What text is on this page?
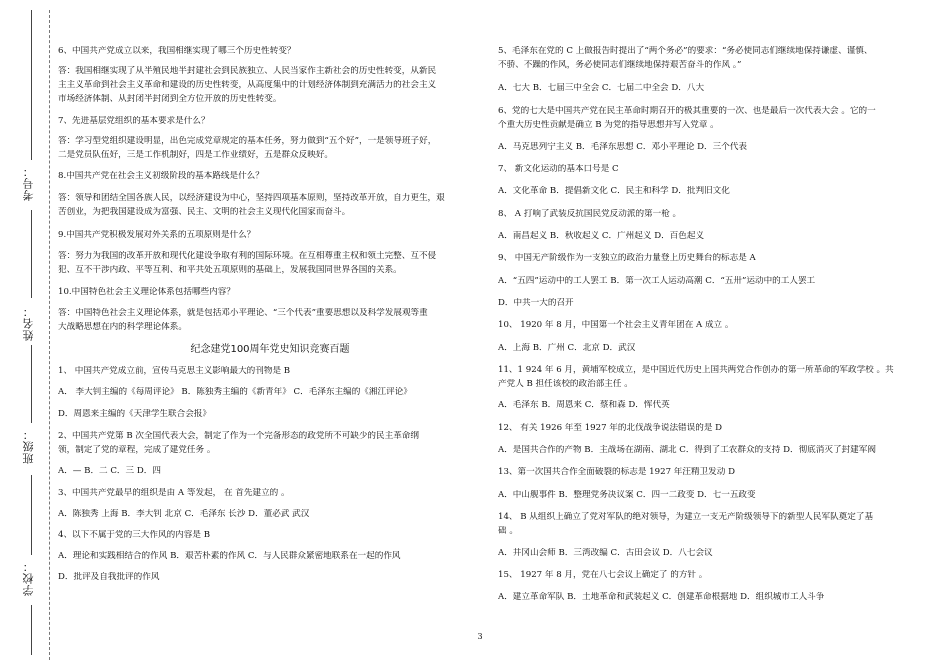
考号：
姓名：
班级：
学校：
6、中国共产党成立以来，我国相继实现了哪三个历史性转变？
答：我国相继实现了从半殖民地半封建社会到民族独立、人民当家作主新社会的历史性转变，从新民
主主义革命到社会主义革命和建设的历史性转变，从高度集中的计划经济体制到充满活力的社会主义
市场经济体制、从封闭半封闭到全方位开放的历史性转变。
7、先进基层党组织的基本要求是什么？
答：学习型党组织建设明显，出色完成党章规定的基本任务，努力做到“五个好”，一是领导班子好，
二是党员队伍好，三是工作机制好，四是工作业绩好，五是群众反映好。
8.中国共产党在社会主义初级阶段的基本路线是什么？
答：领导和团结全国各族人民，以经济建设为中心，坚持四项基本原则，坚持改革开放，自力更生，艰
苦创业，为把我国建设成为富强、民主、文明的社会主义现代化国家而奋斗。
9.中国共产党积极发展对外关系的五项原则是什么？
答：努力为我国的改革开放和现代化建设争取有利的国际环境。在互相尊重主权和领土完整、互不侵
犯、互不干涉内政、平等互利、和平共处五项原则的基础上，发展我国同世界各国的关系。
10.中国特色社会主义理论体系包括哪些内容？
答：中国特色社会主义理论体系，就是包括邓小平理论、“三个代表”重要思想以及科学发展观等重
大战略思想在内的科学理论体系。
纪念建党100周年党史知识竞赛百题
1、 中国共产党成立前，宣传马克思主义影响最大的刊物是 B
A． 李大钊主编的《每周评论》 B．陈独秀主编的《新青年》 C．毛泽东主编的《湘江评论》
D．周恩来主编的《天津学生联合会报》
2、中国共产党第 B 次全国代表大会，制定了作为一个完备形态的政党所不可缺少的民主革命纲
领，制定了党的章程，完成了建党任务 。
A．— B．二 C．三 D．四
3、中国共产党最早的组织是由 A 等发起， 在 首先建立的 。
A．陈独秀 上海 B．李大钊 北京 C．毛泽东 长沙 D．董必武 武汉
4、以下不属于党的三大作风的内容是 B
A．理论和实践相结合的作风 B．艰苦朴素的作风 C．与人民群众紧密地联系在一起的作风
D．批评及自我批评的作风
5、毛泽东在党的 C 上做报告时提出了“两个务必”的要求：“务必使同志们继续地保持谦虚、谨慎、
不骄、不躁的作风，务必使同志们继续地保持艰苦奋斗的作风 。”
A．七大 B．七届三中全会 C．七届二中全会 D．八大
6、党的七大是中国共产党在民主革命时期召开的极其重要的一次、也是最后一次代表大会 。它的一
个重大历史性贡献是确立 B 为党的指导思想并写入党章 。
A．马克思列宁主义 B．毛泽东思想 C．邓小平理论 D．三个代表
7、 新文化运动的基本口号是 C
A．文化革命 B．提倡新文化 C．民主和科学 D．批判旧文化
8、 A 打响了武装反抗国民党反动派的第一枪 。
A．南昌起义 B．秋收起义 C．广州起义 D．百色起义
9、 中国无产阶级作为一支独立的政治力量登上历史舞台的标志是 A
A．“五四”运动中的工人罢工 B．第一次工人运动高潮 C．“五卅”运动中的工人罢工
D．中共一大的召开
10、 1920 年 8 月，中国第一个社会主义青年团在 A 成立 。
A．上海 B．广州 C．北京 D．武汉
11、1 924 年 6 月，黄埔军校成立，是中国近代历史上国共两党合作创办的第一所革命的军政学校 。共
产党人 B 担任该校的政治部主任 。
A．毛泽东 B．周恩来 C．蔡和森 D．恽代英
12、 有关 1926 年至 1927 年的北伐战争说法错误的是 D
A．是国共合作的产物 B．主战场在湖南、湖北 C．得到了工农群众的支持 D．彻底消灭了封建军阀
13、第一次国共合作全面破裂的标志是 1927 年汪精卫发动 D
A．中山舰事件 B．整理党务决议案 C．四一二政变 D．七一五政变
14、 B 从组织上确立了党对军队的绝对领导，为建立一支无产阶级领导下的新型人民军队奠定了基
础 。
A．井冈山会师 B．三湾改编 C．古田会议 D．八七会议
15、 1927 年 8 月，党在八七会议上确定了 的方针 。
A．建立革命军队 B．土地革命和武装起义 C．创建革命根据地 D．组织城市工人斗争
3
